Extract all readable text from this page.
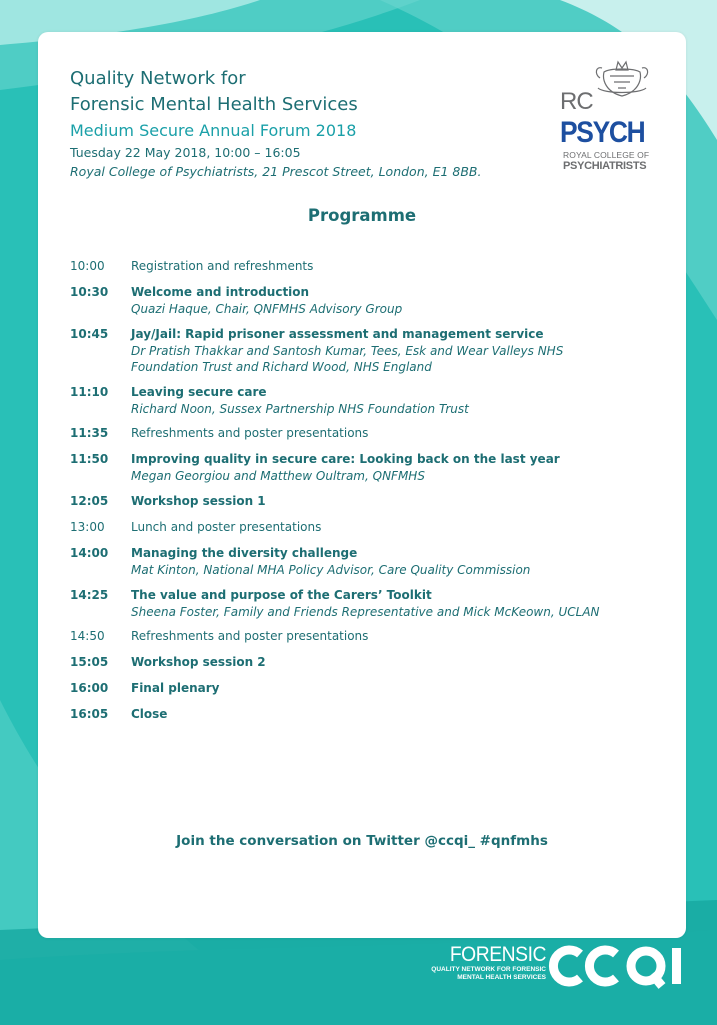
Quality Network for
Forensic Mental Health Services
Medium Secure Annual Forum 2018
Tuesday 22 May 2018, 10:00 – 16:05
Royal College of Psychiatrists, 21 Prescot Street, London, E1 8BB.
RC
PSYCH
ROYAL COLLEGE OF
PSYCHIATRISTS
Programme
10:00	Registration and refreshments
10:30	Welcome and introduction
Quazi Haque, Chair, QNFMHS Advisory Group
10:45	Jay/Jail: Rapid prisoner assessment and management service
Dr Pratish Thakkar and Santosh Kumar, Tees, Esk and Wear Valleys NHS
Foundation Trust and Richard Wood, NHS England
11:10	Leaving secure care
Richard Noon, Sussex Partnership NHS Foundation Trust
11:35	Refreshments and poster presentations
11:50	Improving quality in secure care: Looking back on the last year
Megan Georgiou and Matthew Oultram, QNFMHS
12:05	Workshop session 1
13:00	Lunch and poster presentations
14:00	Managing the diversity challenge
Mat Kinton, National MHA Policy Advisor, Care Quality Commission
14:25	The value and purpose of the Carers’ Toolkit
Sheena Foster, Family and Friends Representative and Mick McKeown, UCLAN
14:50	Refreshments and poster presentations
15:05	Workshop session 2
16:00	Final plenary
16:05	Close
Join the conversation on Twitter @ccqi_ #qnfmhs
FORENSIC
QUALITY NETWORK FOR FORENSIC
MENTAL HEALTH SERVICES
